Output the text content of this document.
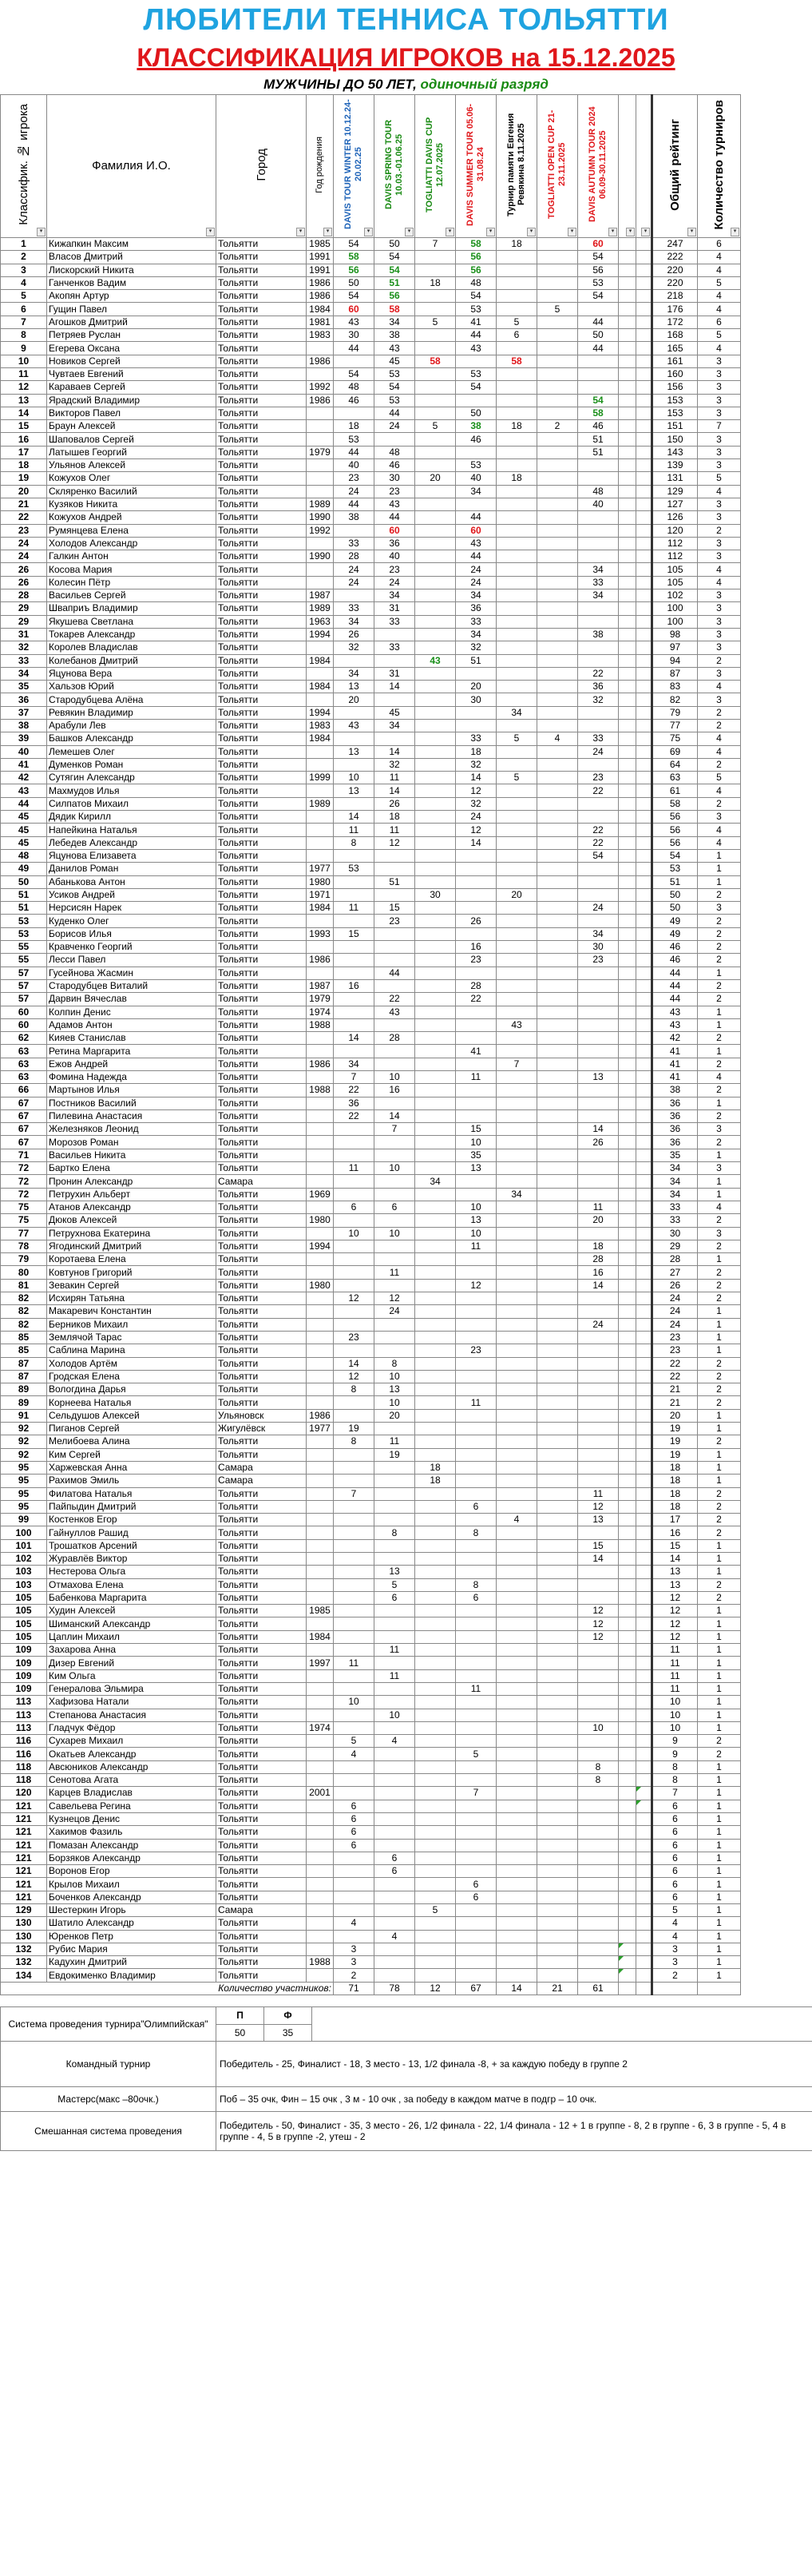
ЛЮБИТЕЛИ ТЕННИСА ТОЛЬЯТТИ
КЛАССИФИКАЦИЯ ИГРОКОВ на 15.12.2025
МУЖЧИНЫ ДО 50 ЛЕТ, одиночный разряд
Классифик. № игрока
▾	Фамилия И.О.
▾	Город
▾	Год рождения
▾	DAVIS TOUR WINTER 10.12.24-20.02.25
▾	DAVIS SPRING TOUR 10.03.-01.06.25
▾	TOGLIATTI DAVIS CUP 12.07.2025
▾	DAVIS SUMMER TOUR 05.06-31.08.24
▾	Турнир памяти Евгения Ревякина 8.11.2025
▾	TOGLIATTI OPEN CUP 21-23.11.2025
▾	DAVIS AUTUMN TOUR 2024 06.09-30.11.2025
▾	▾	▾	Общий рейтинг
▾	Количество турниров
▾

1	Кижапкин Максим	Тольятти	1985	54	50	7	58	18		60			247	6
2	Власов Дмитрий	Тольятти	1991	58	54		56			54			222	4
3	Лискорский Никита	Тольятти	1991	56	54		56			56			220	4
4	Ганченков Вадим	Тольятти	1986	50	51	18	48			53			220	5
5	Акопян Артур	Тольятти	1986	54	56		54			54			218	4
6	Гущин Павел	Тольятти	1984	60	58		53		5				176	4
7	Агошков Дмитрий	Тольятти	1981	43	34	5	41	5		44			172	6
8	Петряев Руслан	Тольятти	1983	30	38		44	6		50			168	5
9	Егерева Оксана	Тольятти		44	43		43			44			165	4
10	Новиков Сергей	Тольятти	1986		45	58		58					161	3
11	Чувтаев Евгений	Тольятти		54	53		53						160	3
12	Караваев Сергей	Тольятти	1992	48	54		54						156	3
13	Ярадский Владимир	Тольятти	1986	46	53					54			153	3
14	Викторов Павел	Тольятти			44		50			58			153	3
15	Браун Алексей	Тольятти		18	24	5	38	18	2	46			151	7
16	Шаповалов Сергей	Тольятти		53			46			51			150	3
17	Латышев Георгий	Тольятти	1979	44	48					51			143	3
18	Ульянов Алексей	Тольятти		40	46		53						139	3
19	Кожухов Олег	Тольятти		23	30	20	40	18					131	5
20	Скляренко Василий	Тольятти		24	23		34			48			129	4
21	Кузяков Никита	Тольятти	1989	44	43					40			127	3
22	Кожухов Андрей	Тольятти	1990	38	44		44						126	3
23	Румянцева Елена	Тольятти	1992		60		60						120	2
24	Холодов Александр	Тольятти		33	36		43						112	3
24	Галкин Антон	Тольятти	1990	28	40		44						112	3
26	Косова Мария	Тольятти		24	23		24			34			105	4
26	Колесин Пётр	Тольятти		24	24		24			33			105	4
28	Васильев Сергей	Тольятти	1987		34		34			34			102	3
29	Шваприъ Владимир	Тольятти	1989	33	31		36						100	3
29	Якушева Светлана	Тольятти	1963	34	33		33						100	3
31	Токарев Александр	Тольятти	1994	26			34			38			98	3
32	Королев Владислав	Тольятти		32	33		32						97	3
33	Колебанов Дмитрий	Тольятти	1984			43	51						94	2
34	Яцунова Вера	Тольятти		34	31					22			87	3
35	Хальзов Юрий	Тольятти	1984	13	14		20			36			83	4
36	Стародубцева Алёна	Тольятти		20			30			32			82	3
37	Ревякин Владимир	Тольятти	1994		45			34					79	2
38	Арабули Лев	Тольятти	1983	43	34								77	2
39	Башков Александр	Тольятти	1984				33	5	4	33			75	4
40	Лемешев Олег	Тольятти		13	14		18			24			69	4
41	Думенков Роман	Тольятти			32		32						64	2
42	Сутягин Александр	Тольятти	1999	10	11		14	5		23			63	5
43	Махмудов Илья	Тольятти		13	14		12			22			61	4
44	Силпатов Михаил	Тольятти	1989		26		32						58	2
45	Дядик Кирилл	Тольятти		14	18		24						56	3
45	Напейкина Наталья	Тольятти		11	11		12			22			56	4
45	Лебедев Александр	Тольятти		8	12		14			22			56	4
48	Яцунова Елизавета	Тольятти								54			54	1
49	Данилов Роман	Тольятти	1977	53									53	1
50	Абанькова Антон	Тольятти	1980		51								51	1
51	Усиков Андрей	Тольятти	1971			30		20					50	2
51	Нерсисян Нарек	Тольятти	1984	11	15					24			50	3
53	Куденко Олег	Тольятти			23		26						49	2
53	Борисов Илья	Тольятти	1993	15						34			49	2
55	Кравченко Георгий	Тольятти					16			30			46	2
55	Лесси Павел	Тольятти	1986				23			23			46	2
57	Гусейнова Жасмин	Тольятти			44								44	1
57	Стародубцев Виталий	Тольятти	1987	16			28						44	2
57	Дарвин Вячеслав	Тольятти	1979		22		22						44	2
60	Колпин Денис	Тольятти	1974		43								43	1
60	Адамов Антон	Тольятти	1988					43					43	1
62	Кияев Станислав	Тольятти		14	28								42	2
63	Ретина Маргарита	Тольятти					41						41	1
63	Ежов Андрей	Тольятти	1986	34				7					41	2
63	Фомина Надежда	Тольятти		7	10		11			13			41	4
66	Мартынов Илья	Тольятти	1988	22	16								38	2
67	Постников Василий	Тольятти		36									36	1
67	Пилевина Анастасия	Тольятти		22	14								36	2
67	Железняков Леонид	Тольятти			7		15			14			36	3
67	Морозов Роман	Тольятти					10			26			36	2
71	Васильев Никита	Тольятти					35						35	1
72	Бартко Елена	Тольятти		11	10		13						34	3
72	Пронин Александр	Самара				34							34	1
72	Петрухин Альберт	Тольятти	1969					34					34	1
75	Атанов Александр	Тольятти		6	6		10			11			33	4
75	Дюков Алексей	Тольятти	1980				13			20			33	2
77	Петрухнова Екатерина	Тольятти		10	10		10						30	3
78	Ягодинский Дмитрий	Тольятти	1994				11			18			29	2
79	Коротаева Елена	Тольятти								28			28	1
80	Ковтунов Григорий	Тольятти			11					16			27	2
81	Зевакин Сергей	Тольятти	1980				12			14			26	2
82	Исхирян Татьяна	Тольятти		12	12								24	2
82	Макаревич Константин	Тольятти			24								24	1
82	Берников Михаил	Тольятти								24			24	1
85	Землячой Тарас	Тольятти		23									23	1
85	Саблина Марина	Тольятти					23						23	1
87	Холодов Артём	Тольятти		14	8								22	2
87	Гродская Елена	Тольятти		12	10								22	2
89	Вологдина Дарья	Тольятти		8	13								21	2
89	Корнеева Наталья	Тольятти			10		11						21	2
91	Сельдушов Алексей	Ульяновск	1986		20								20	1
92	Пиганов Сергей	Жигулёвск	1977	19									19	1
92	Мелибоева Алина	Тольятти		8	11								19	2
92	Ким Сергей	Тольятти			19								19	1
95	Харжевская Анна	Самара				18							18	1
95	Рахимов Эмиль	Самара				18							18	1
95	Филатова Наталья	Тольятти		7						11			18	2
95	Пайпыдин Дмитрий	Тольятти					6			12			18	2
99	Костенков Егор	Тольятти						4		13			17	2
100	Гайнуллов Рашид	Тольятти			8		8						16	2
101	Трошатков Арсений	Тольятти								15			15	1
102	Журавлёв Виктор	Тольятти								14			14	1
103	Нестерова Ольга	Тольятти			13								13	1
103	Отмахова Елена	Тольятти			5		8						13	2
105	Бабенкова Маргарита	Тольятти			6		6						12	2
105	Худин Алексей	Тольятти	1985							12			12	1
105	Шиманский Александр	Тольятти								12			12	1
105	Цаплин Михаил	Тольятти	1984							12			12	1
109	Захарова Анна	Тольятти			11								11	1
109	Дизер Евгений	Тольятти	1997	11									11	1
109	Ким Ольга	Тольятти			11								11	1
109	Генералова Эльмира	Тольятти					11						11	1
113	Хафизова Натали	Тольятти		10									10	1
113	Степанова Анастасия	Тольятти			10								10	1
113	Гладчук Фёдор	Тольятти	1974							10			10	1
116	Сухарев Михаил	Тольятти		5	4								9	2
116	Окатьев Александр	Тольятти		4			5						9	2
118	Авсюников Александр	Тольятти								8			8	1
118	Сенотова Агата	Тольятти								8			8	1
120	Карцев Владислав	Тольятти	2001				7						7	1
121	Савельева Регина	Тольятти		6									6	1
121	Кузнецов Денис	Тольятти		6									6	1
121	Хакимов Фазиль	Тольятти		6									6	1
121	Помазан Александр	Тольятти		6									6	1
121	Борзяков Александр	Тольятти			6								6	1
121	Воронов Егор	Тольятти			6								6	1
121	Крылов Михаил	Тольятти					6						6	1
121	Боченков Александр	Тольятти					6						6	1
129	Шестеркин Игорь	Самара				5							5	1
130	Шатило Александр	Тольятти		4									4	1
130	Юренков Петр	Тольятти			4								4	1
132	Рубис Мария	Тольятти		3									3	1
132	Кадухин Дмитрий	Тольятти	1988	3									3	1
134	Евдокименко Владимир	Тольятти		2									2	1
Количество участников:				71	78	12	67	14	21	61				
Система проведения турнира"Олимпийская"	П	Ф	
	50	35	
Командный турнир	Победитель - 25, Финалист - 18, 3 место - 13, 1/2 финала -8, + за каждую победу в группе 2		
Мастерс(макс –80очк.)	Поб – 35 очк, Фин – 15 очк , 3 м - 10 очк , за победу в каждом матче в подгр – 10 очк.		
Смешанная система проведения	Победитель - 50, Финалист - 35, 3 место - 26, 1/2 финала - 22, 1/4 финала - 12 + 1 в группе - 8, 2 в группе - 6, 3 в группе - 5, 4 в группе - 4, 5 в группе -2, утеш - 2		
